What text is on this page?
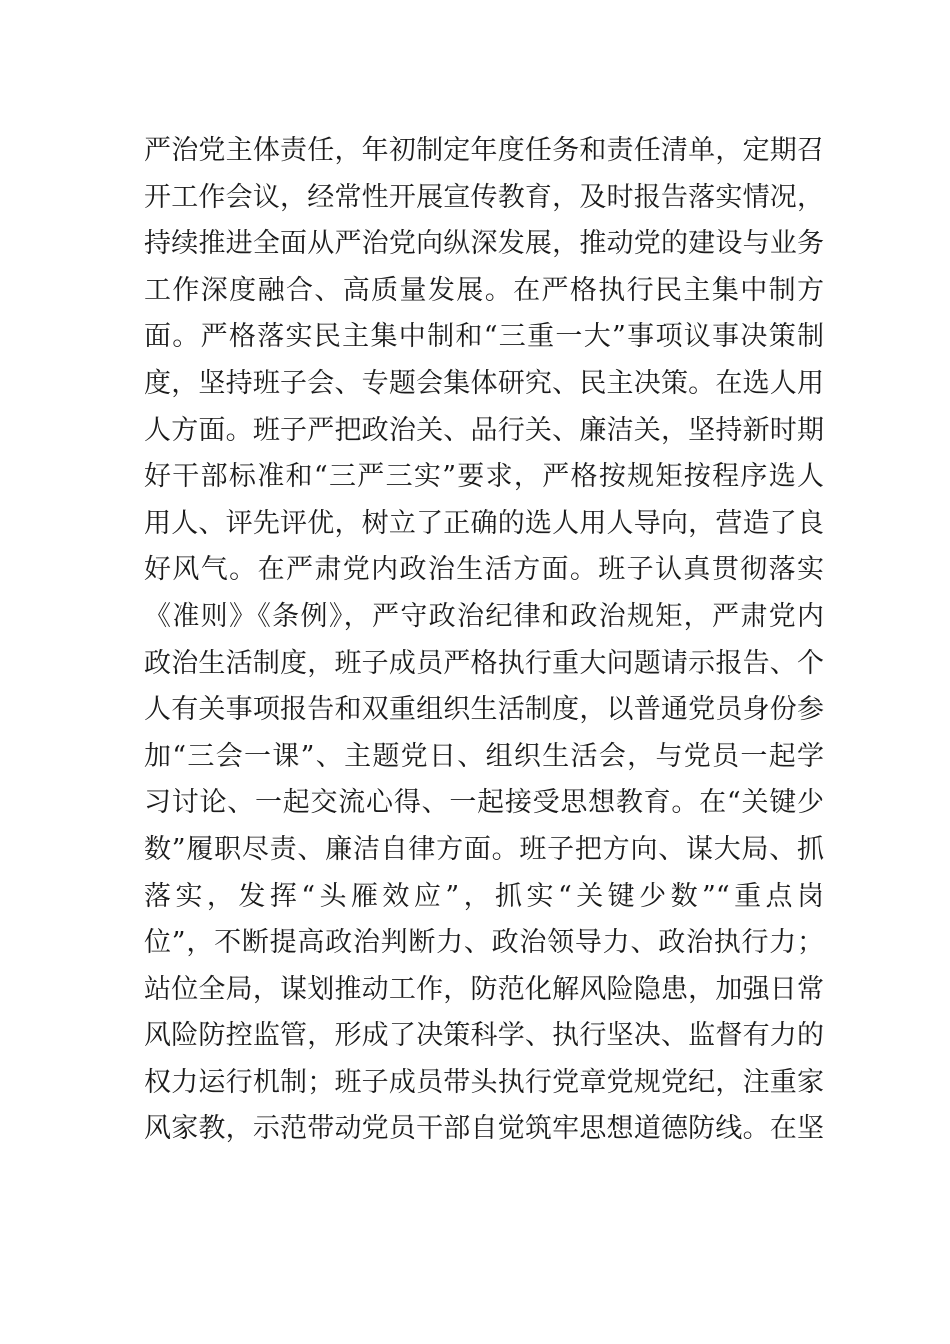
严治党主体责任，年初制定年度任务和责任清单，定期召
开工作会议，经常性开展宣传教育，及时报告落实情况，
持续推进全面从严治党向纵深发展，推动党的建设与业务
工作深度融合、高质量发展。在严格执行民主集中制方
面。严格落实民主集中制和“三重一大”事项议事决策制
度，坚持班子会、专题会集体研究、民主决策。在选人用
人方面。班子严把政治关、品行关、廉洁关，坚持新时期
好干部标准和“三严三实”要求，严格按规矩按程序选人
用人、评先评优，树立了正确的选人用人导向，营造了良
好风气。在严肃党内政治生活方面。班子认真贯彻落实
《准则》《条例》，严守政治纪律和政治规矩，严肃党内
政治生活制度，班子成员严格执行重大问题请示报告、个
人有关事项报告和双重组织生活制度，以普通党员身份参
加“三会一课”、主题党日、组织生活会，与党员一起学
习讨论、一起交流心得、一起接受思想教育。在“关键少
数”履职尽责、廉洁自律方面。班子把方向、谋大局、抓
落实，发挥“头雁效应”，抓实“关键少数”“重点岗
位”，不断提高政治判断力、政治领导力、政治执行力；
站位全局，谋划推动工作，防范化解风险隐患，加强日常
风险防控监管，形成了决策科学、执行坚决、监督有力的
权力运行机制；班子成员带头执行党章党规党纪，注重家
风家教，示范带动党员干部自觉筑牢思想道德防线。在坚
